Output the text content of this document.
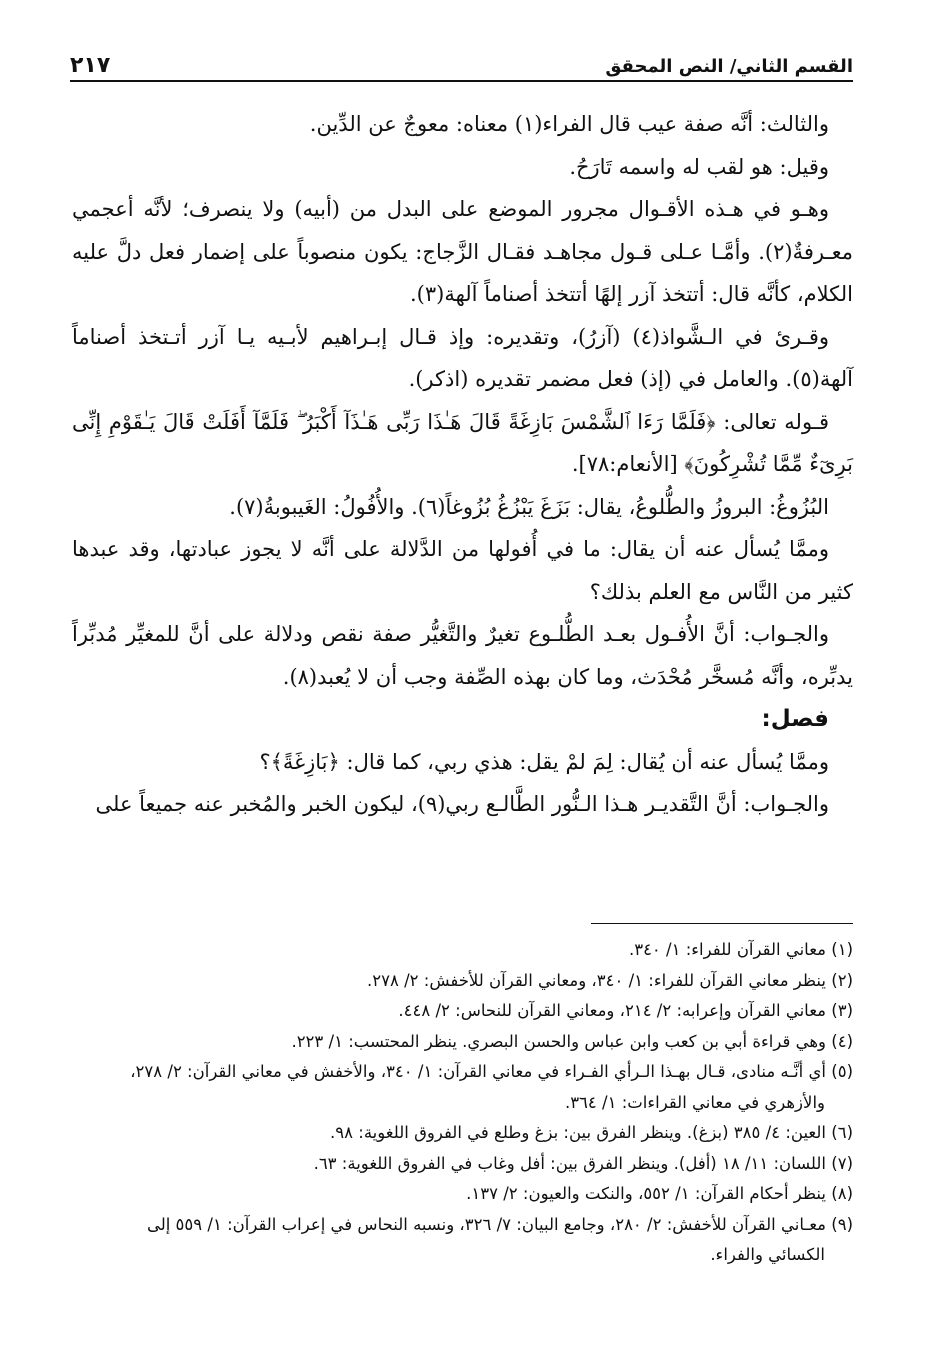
القسم الثاني/ النص المحقق
٢١٧

والثالث: أنَّه صفة عيب قال الفراء(١) معناه: معوجٌ عن الدِّين.

وقيل: هو لقب له واسمه تَارَحُ.

وهـو في هـذه الأقـوال مجرور الموضع على البدل من (أبيه) ولا ينصرف؛ لأنَّه أعجمي معـرفةٌ(٢). وأمَّـا عـلى قـول مجاهـد فقـال الزَّجاج: يكون منصوباً على إضمار فعل دلَّ عليه الكلام، كأنَّه قال: أتتخذ آزر إلهًا أتتخذ أصناماً آلهة(٣).

وقـرئ في الـشَّواذ(٤) (آزرُ)، وتقديره: وإذ قـال إبـراهيم لأبـيه يـا آزر أتـتخذ أصناماً آلهة(٥). والعامل في (إذ) فعل مضمر تقديره (اذكر).

قـوله تعالى: ﴿فَلَمَّا رَءَا ٱلشَّمْسَ بَازِغَةً قَالَ هَـٰذَا رَبِّى هَـٰذَآ أَكْبَرُ ۖ فَلَمَّآ أَفَلَتْ قَالَ يَـٰقَوْمِ إِنِّى بَرِىٓءٌ مِّمَّا تُشْرِكُونَ﴾ [الأنعام:٧٨].

البُزُوغُ: البروزُ والطُّلوعُ، يقال: بَزَغَ يَبْزُغُ بُزُوغاً(٦). والأُفُولُ: الغَيبوبةُ(٧).

وممَّا يُسأل عنه أن يقال: ما في أُفولها من الدَّلالة على أنَّه لا يجوز عبادتها، وقد عبدها كثير من النَّاس مع العلم بذلك؟

والجـواب: أنَّ الأُفـول بعـد الطُّلـوع تغيرٌ والتَّغيُّر صفة نقص ودلالة على أنَّ للمغيِّر مُدبِّراً يدبِّره، وأنَّه مُسخَّر مُحْدَث، وما كان بهذه الصِّفة وجب أن لا يُعبد(٨).

فصل:

وممَّا يُسأل عنه أن يُقال: لِمَ لمْ يقل: هذي ربي، كما قال: ﴿بَازِغَةً﴾؟

والجـواب: أنَّ التَّقديـر هـذا الـنُّور الطَّالـع ربي(٩)، ليكون الخبر والمُخبر عنه جميعاً على

(١) معاني القرآن للفراء: ١/ ٣٤٠.

(٢) ينظر معاني القرآن للفراء: ١/ ٣٤٠، ومعاني القرآن للأخفش: ٢/ ٢٧٨.

(٣) معاني القرآن وإعرابه: ٢/ ٢١٤، ومعاني القرآن للنحاس: ٢/ ٤٤٨.

(٤) وهي قراءة أبي بن كعب وابن عباس والحسن البصري. ينظر المحتسب: ١/ ٢٢٣.

(٥) أي أنَّـه منادى، قـال بهـذا الـرأي الفـراء في معاني القرآن: ١/ ٣٤٠، والأخفش في معاني القرآن: ٢/ ٢٧٨،
والأزهري في معاني القراءات: ١/ ٣٦٤.

(٦) العين: ٤/ ٣٨٥ (بزغ). وينظر الفرق بين: بزغ وطلع في الفروق اللغوية: ٩٨.

(٧) اللسان: ١١/ ١٨ (أفل). وينظر الفرق بين: أفل وغاب في الفروق اللغوية: ٦٣.

(٨) ينظر أحكام القرآن: ١/ ٥٥٢، والنكت والعيون: ٢/ ١٣٧.

(٩) معـاني القرآن للأخفش: ٢/ ٢٨٠، وجامع البيان: ٧/ ٣٢٦، ونسبه النحاس في إعراب القرآن: ١/ ٥٥٩ إلى
الكسائي والفراء.
